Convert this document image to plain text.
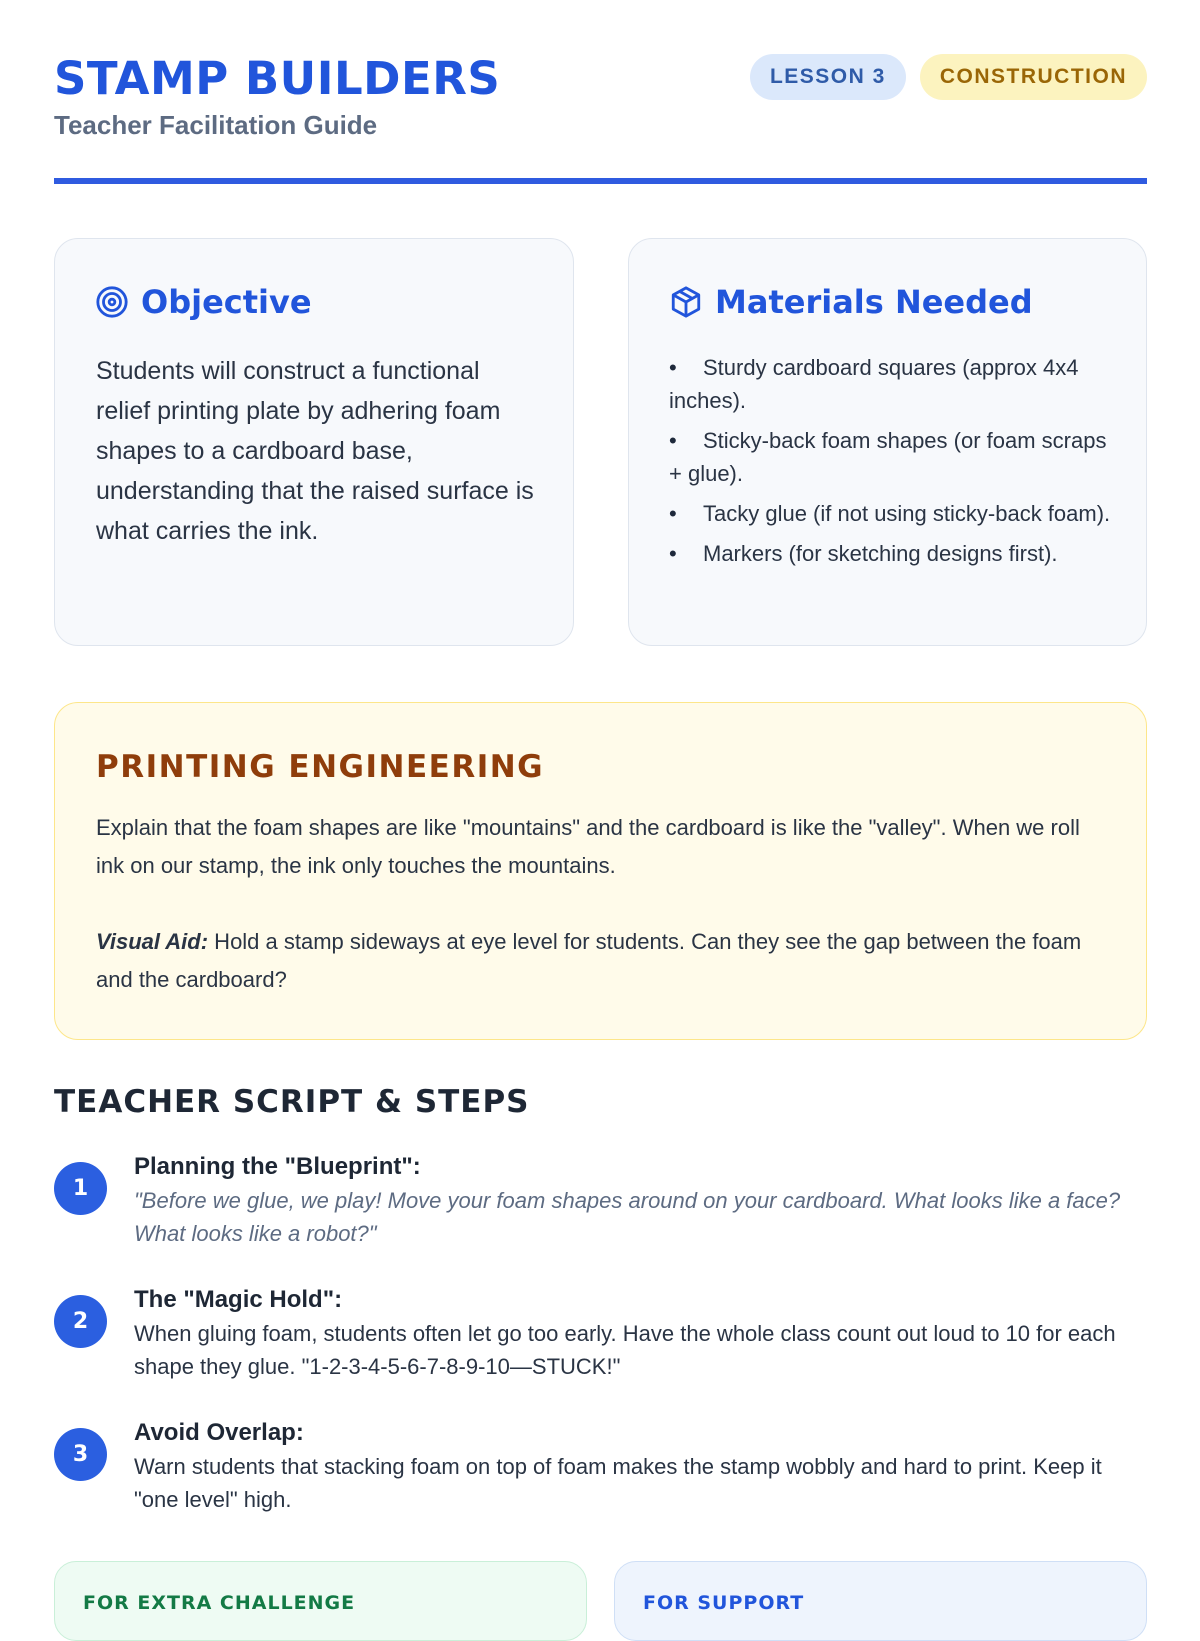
STAMP BUILDERS
Teacher Facilitation Guide
LESSON 3	CONSTRUCTION
Objective
Students will construct a functional relief printing plate by adhering foam shapes to a cardboard base, understanding that the raised surface is what carries the ink.
Materials Needed
• Sturdy cardboard squares (approx 4x4 inches).
• Sticky-back foam shapes (or foam scraps + glue).
• Tacky glue (if not using sticky-back foam).
• Markers (for sketching designs first).
PRINTING ENGINEERING

Explain that the foam shapes are like "mountains" and the cardboard is like the "valley". When we roll ink on our stamp, the ink only touches the mountains.

Visual Aid: Hold a stamp sideways at eye level for students. Can they see the gap between the foam and the cardboard?

TEACHER SCRIPT & STEPS
1
Planning the "Blueprint":
"Before we glue, we play! Move your foam shapes around on your cardboard. What looks like a face? What looks like a robot?"
2
The "Magic Hold":
When gluing foam, students often let go too early. Have the whole class count out loud to 10 for each shape they glue. "1-2-3-4-5-6-7-8-9-10—STUCK!"
3
Avoid Overlap:
Warn students that stacking foam on top of foam makes the stamp wobbly and hard to print. Keep it "one level" high.
FOR EXTRA CHALLENGE	FOR SUPPORT
